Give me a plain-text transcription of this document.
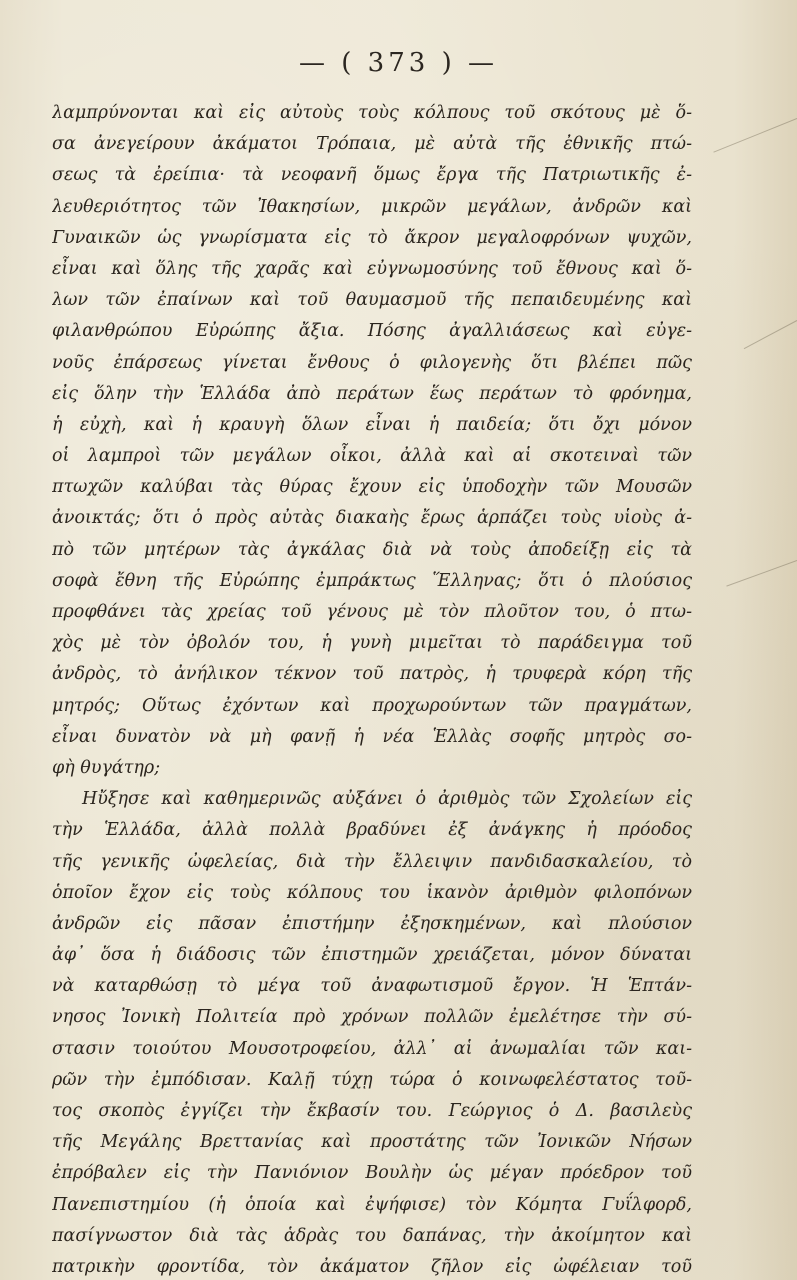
— ( 373 ) —
λαμπρύνονται καὶ εἰς αὐτοὺς τοὺς κόλπους τοῦ σκότους μὲ ὅ-
σα ἀνεγείρουν ἀκάματοι Τρόπαια, μὲ αὐτὰ τῆς ἐθνικῆς πτώ-
σεως τὰ ἐρείπια· τὰ νεοφανῆ ὅμως ἔργα τῆς Πατριωτικῆς ἐ-
λευθεριότητος τῶν Ἰθακησίων, μικρῶν μεγάλων, ἀνδρῶν καὶ
Γυναικῶν ὡς γνωρίσματα εἰς τὸ ἄκρον μεγαλοφρόνων ψυχῶν,
εἶναι καὶ ὅλης τῆς χαρᾶς καὶ εὐγνωμοσύνης τοῦ ἔθνους καὶ ὅ-
λων τῶν ἐπαίνων καὶ τοῦ θαυμασμοῦ τῆς πεπαιδευμένης καὶ
φιλανθρώπου Εὐρώπης ἄξια. Πόσης ἀγαλλιάσεως καὶ εὐγε-
νοῦς ἐπάρσεως γίνεται ἔνθους ὁ φιλογενὴς ὅτι βλέπει πῶς
εἰς ὅλην τὴν Ἑλλάδα ἀπὸ περάτων ἕως περάτων τὸ φρόνημα,
ἡ εὐχὴ, καὶ ἡ κραυγὴ ὅλων εἶναι ἡ παιδεία; ὅτι ὄχι μόνον
οἱ λαμπροὶ τῶν μεγάλων οἶκοι, ἀλλὰ καὶ αἱ σκοτειναὶ τῶν
πτωχῶν καλύβαι τὰς θύρας ἔχουν εἰς ὑποδοχὴν τῶν Μουσῶν
ἀνοικτάς; ὅτι ὁ πρὸς αὐτὰς διακαὴς ἔρως ἁρπάζει τοὺς υἱοὺς ἀ-
πὸ τῶν μητέρων τὰς ἀγκάλας διὰ νὰ τοὺς ἀποδείξῃ εἰς τὰ
σοφὰ ἔθνη τῆς Εὐρώπης ἐμπράκτως Ἕλληνας; ὅτι ὁ πλούσιος
προφθάνει τὰς χρείας τοῦ γένους μὲ τὸν πλοῦτον του, ὁ πτω-
χὸς μὲ τὸν ὀβολόν του, ἡ γυνὴ μιμεῖται τὸ παράδειγμα τοῦ
ἀνδρὸς, τὸ ἀνήλικον τέκνον τοῦ πατρὸς, ἡ τρυφερὰ κόρη τῆς
μητρός; Οὕτως ἐχόντων καὶ προχωρούντων τῶν πραγμάτων,
εἶναι δυνατὸν νὰ μὴ φανῇ ἡ νέα Ἑλλὰς σοφῆς μητρὸς σο-
φὴ θυγάτηρ;
Ηὔξησε καὶ καθημερινῶς αὐξάνει ὁ ἀριθμὸς τῶν Σχολείων εἰς
τὴν Ἑλλάδα, ἀλλὰ πολλὰ βραδύνει ἐξ ἀνάγκης ἡ πρόοδος
τῆς γενικῆς ὠφελείας, διὰ τὴν ἔλλειψιν πανδιδασκαλείου, τὸ
ὁποῖον ἔχον εἰς τοὺς κόλπους του ἱκανὸν ἀριθμὸν φιλοπόνων
ἀνδρῶν εἰς πᾶσαν ἐπιστήμην ἐξησκημένων, καὶ πλούσιον
ἀφ᾽ ὅσα ἡ διάδοσις τῶν ἐπιστημῶν χρειάζεται, μόνον δύναται
νὰ καταρθώσῃ τὸ μέγα τοῦ ἀναφωτισμοῦ ἔργον. Ἡ Ἑπτάν-
νησος Ἰονικὴ Πολιτεία πρὸ χρόνων πολλῶν ἐμελέτησε τὴν σύ-
στασιν τοιούτου Μουσοτροφείου, ἀλλ᾽ αἱ ἀνωμαλίαι τῶν και-
ρῶν τὴν ἐμπόδισαν. Καλῇ τύχῃ τώρα ὁ κοινωφελέστατος τοῦ-
τος σκοπὸς ἐγγίζει τὴν ἔκβασίν του. Γεώργιος ὁ Δ. βασιλεὺς
τῆς Μεγάλης Βρεττανίας καὶ προστάτης τῶν Ἰονικῶν Νήσων
ἐπρόβαλεν εἰς τὴν Πανιόνιον Βουλὴν ὡς μέγαν πρόεδρον τοῦ
Πανεπιστημίου (ἡ ὁποία καὶ ἐψήφισε) τὸν Κόμητα Γυΐλφορδ,
πασίγνωστον διὰ τὰς ἁδρὰς του δαπάνας, τὴν ἀκοίμητον καὶ
πατρικὴν φροντίδα, τὸν ἀκάματον ζῆλον εἰς ὠφέλειαν τοῦ
